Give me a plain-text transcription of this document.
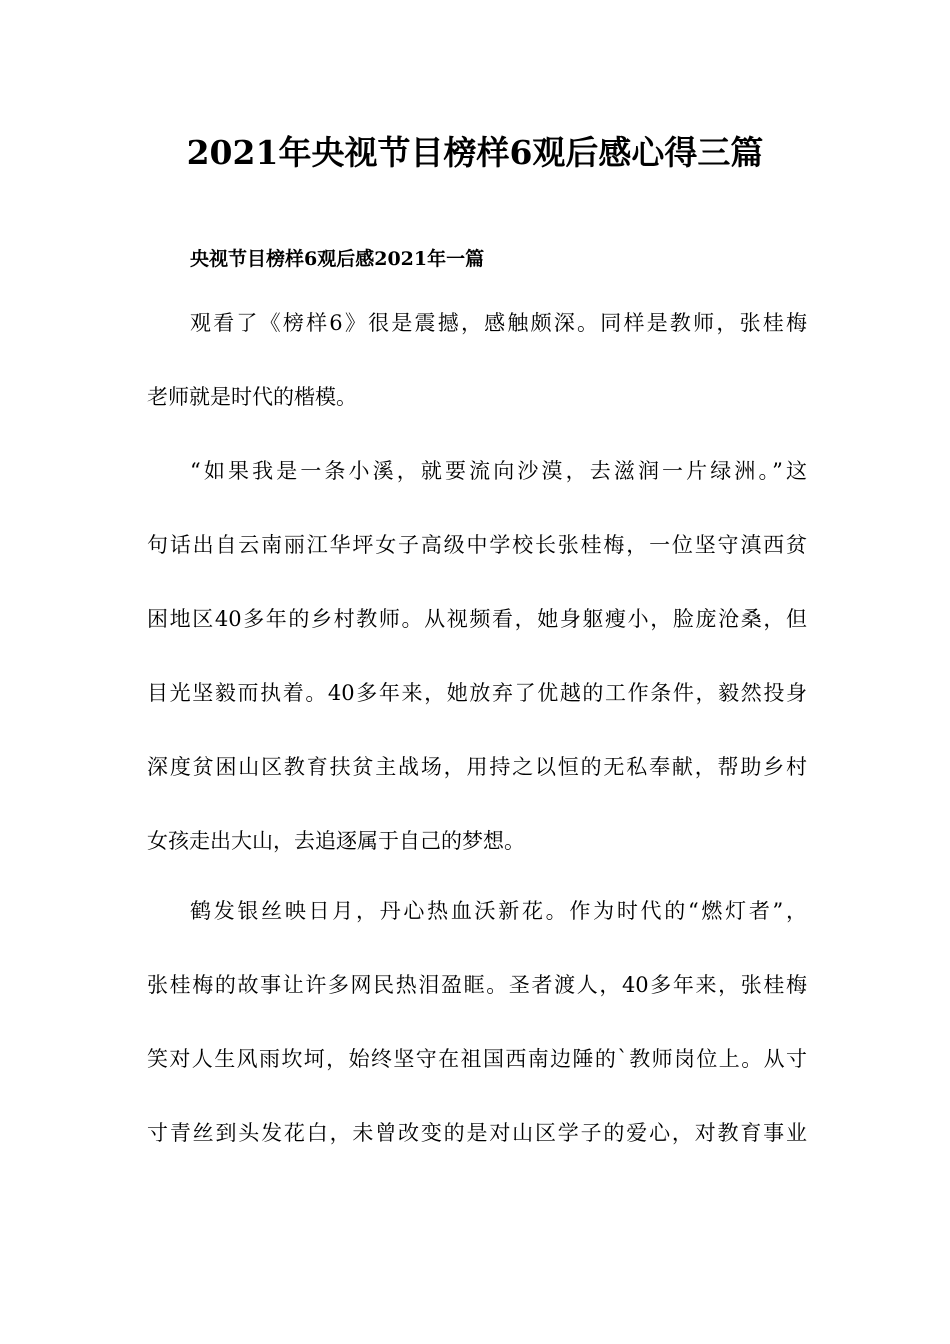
2021年央视节目榜样6观后感心得三篇
央视节目榜样6观后感2021年一篇
观看了《榜样6》很是震撼，感触颇深。同样是教师，张桂梅
老师就是时代的楷模。
“如果我是一条小溪，就要流向沙漠，去滋润一片绿洲。”这
句话出自云南丽江华坪女子高级中学校长张桂梅，一位坚守滇西贫
困地区40多年的乡村教师。从视频看，她身躯瘦小，脸庞沧桑，但
目光坚毅而执着。40多年来，她放弃了优越的工作条件，毅然投身
深度贫困山区教育扶贫主战场，用持之以恒的无私奉献，帮助乡村
女孩走出大山，去追逐属于自己的梦想。
鹤发银丝映日月，丹心热血沃新花。作为时代的“燃灯者”，
张桂梅的故事让许多网民热泪盈眶。圣者渡人，40多年来，张桂梅
笑对人生风雨坎坷，始终坚守在祖国西南边陲的`教师岗位上。从寸
寸青丝到头发花白，未曾改变的是对山区学子的爱心，对教育事业
